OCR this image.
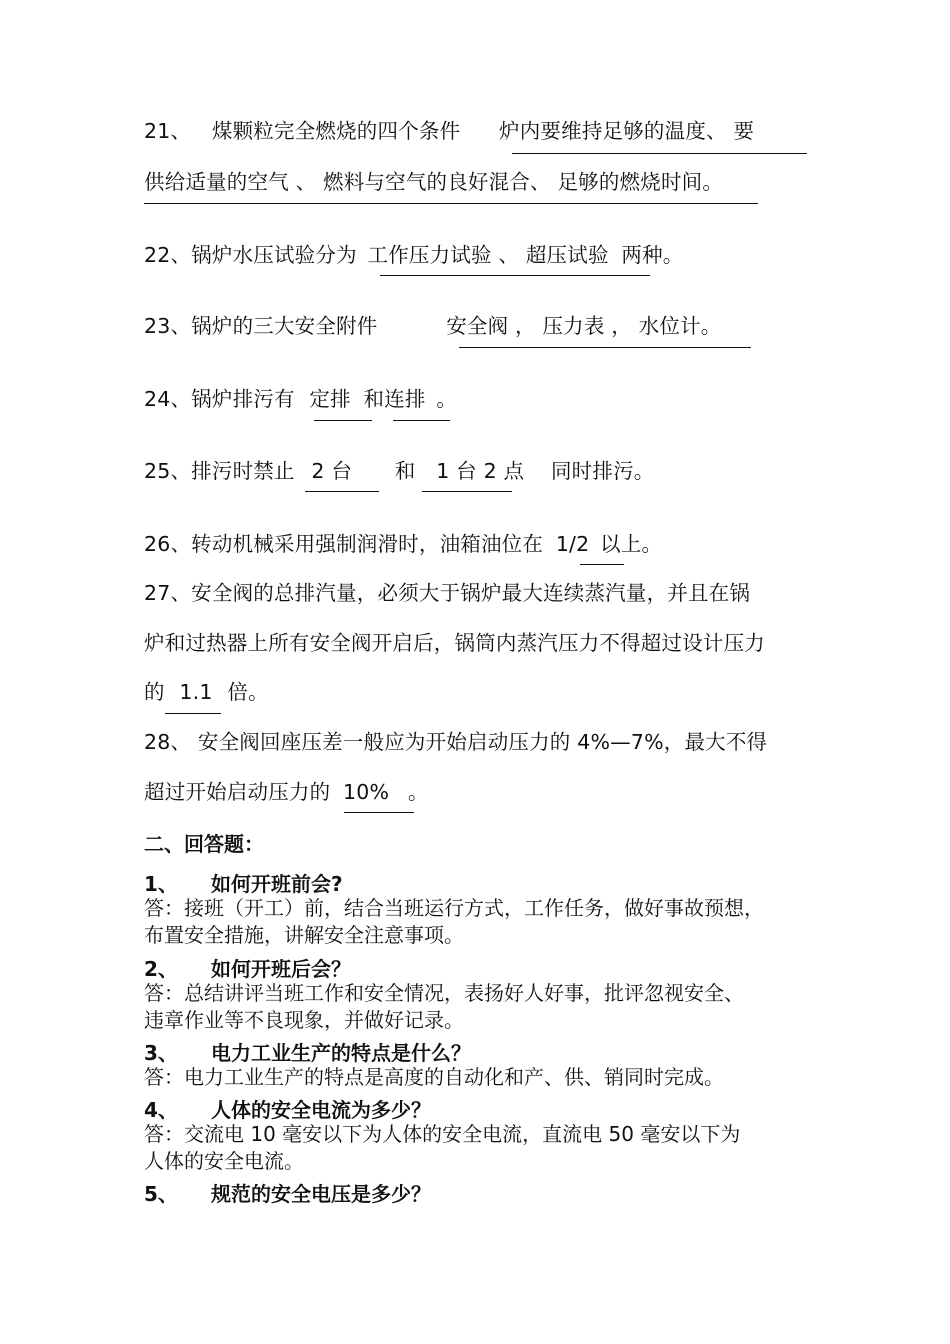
21、 煤颗粒完全燃烧的四个条件 炉内要维持足够的温度、 要
供给适量的空气 、 燃料与空气的良好混合、 足够的燃烧时间。
22、锅炉水压试验分为 工作压力试验 、 超压试验 两种。
23、锅炉的三大安全附件	安全阀 ， 压力表 ， 水位计。
24、锅炉排污有 定排 和连排 。
25、排污时禁止 2 台 和 1 台 2 点 同时排污。
26、转动机械采用强制润滑时，油箱油位在 1/2 以上。
27、安全阀的总排汽量，必须大于锅炉最大连续蒸汽量，并且在锅
炉和过热器上所有安全阀开启后，锅筒内蒸汽压力不得超过设计压力
的 1.1 倍。
28、 安全阀回座压差一般应为开始启动压力的 4%—7%，最大不得
超过开始启动压力的 10% 。
二、回答题：
1、 如何开班前会?
答：接班（开工）前，结合当班运行方式，工作任务，做好事故预想，
布置安全措施，讲解安全注意事项。
2、 如何开班后会？
答：总结讲评当班工作和安全情况，表扬好人好事，批评忽视安全、
违章作业等不良现象，并做好记录。
3、 电力工业生产的特点是什么？
答：电力工业生产的特点是高度的自动化和产、供、销同时完成。
4、 人体的安全电流为多少？
答：交流电 10 毫安以下为人体的安全电流，直流电 50 毫安以下为
人体的安全电流。
5、 规范的安全电压是多少？
